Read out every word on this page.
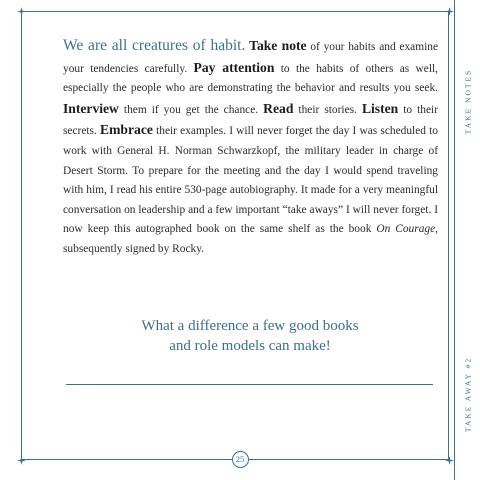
TAKE NOTES
TAKE AWAY #2
We are all creatures of habit. Take note of your habits and examine your tendencies carefully. Pay attention to the habits of others as well, especially the people who are demonstrating the behavior and results you seek. Interview them if you get the chance. Read their stories. Listen to their secrets. Embrace their examples. I will never forget the day I was scheduled to work with General H. Norman Schwarzkopf, the military leader in charge of Desert Storm. To prepare for the meeting and the day I would spend traveling with him, I read his entire 530-page autobiography. It made for a very meaningful conversation on leadership and a few important “take aways” I will never forget. I now keep this autographed book on the same shelf as the book On Courage, subsequently signed by Rocky.
What a difference a few good books
and role models can make!
25
